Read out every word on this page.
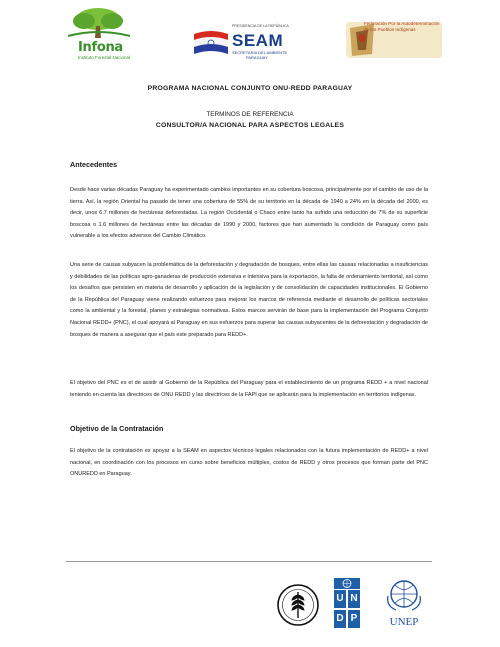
Infona
Instituto Forestal Nacional
PRESIDENCIA DE LA REPÚBLICA
SEAM
SECRETARIA DEL AMBIENTE
PARAGUAY
Federación Por la Autodeterminación de los Pueblos Indígenas
PROGRAMA NACIONAL CONJUNTO ONU-REDD PARAGUAY
TERMINOS DE REFERENCIA
CONSULTOR/A NACIONAL PARA ASPECTOS LEGALES
Antecedentes

Desde hace varias décadas Paraguay ha experimentado cambios importantes en su cobertura boscosa, principalmente por el cambio de uso de la tierra. Así, la región Oriental ha pasado de tener una cobertura de 55% de su territorio en la década de 1940 a 24% en la década del 2000, es decir, unos 6.7 millones de hectáreas deforestadas. La región Occidental o Chaco entre tanto ha sufrido una reducción de 7% de su superficie boscosa o 1.6 millones de hectáreas entre las décadas de 1990 y 2000, factores que han aumentado la condición de Paraguay como país vulnerable a los efectos adversos del Cambio Climático.

Una serie de causas subyacen la problemática de la deforestación y degradación de bosques, entre ellas las causas relacionadas a insuficiencias y debilidades de las políticas agro-ganaderas de producción extensiva e intensiva para la exportación, la falta de ordenamiento territorial, así como los desafíos que persisten en materia de desarrollo y aplicación de la legislación y de consolidación de capacidades institucionales. El Gobierno de la República del Paraguay viene realizando esfuerzos para mejorar los marcos de referencia mediante el desarrollo de políticas sectoriales como la ambiental y la forestal, planes y estrategias normativas. Estos marcos servirán de base para la implementación del Programa Conjunto Nacional REDD+ (PNC), el cual apoyará al Paraguay en sus esfuerzos para superar las causas subyacentes de la deforestación y degradación de bosques de manera a asegurar que el país este preparado para REDD+.

El objetivo del PNC es el de asistir al Gobierno de la República del Paraguay para el establecimiento de un programa REDD + a nivel nacional teniendo en cuenta las directrices de ONU REDD y las directrices de la FAPI que se aplicarán para la implementación en territorios indígenas.

Objetivo de la Contratación

El objetivo de la contratación es apoyar a la SEAM en aspectos técnicos legales relacionados con la futura implementación de REDD+ a nivel nacional, en coordinación con los procesos en curso sobre beneficios múltiples, costos de REDD y otros procesos que forman parte del PNC ONUREDD en Paraguay.

U N
D P	UNEP
